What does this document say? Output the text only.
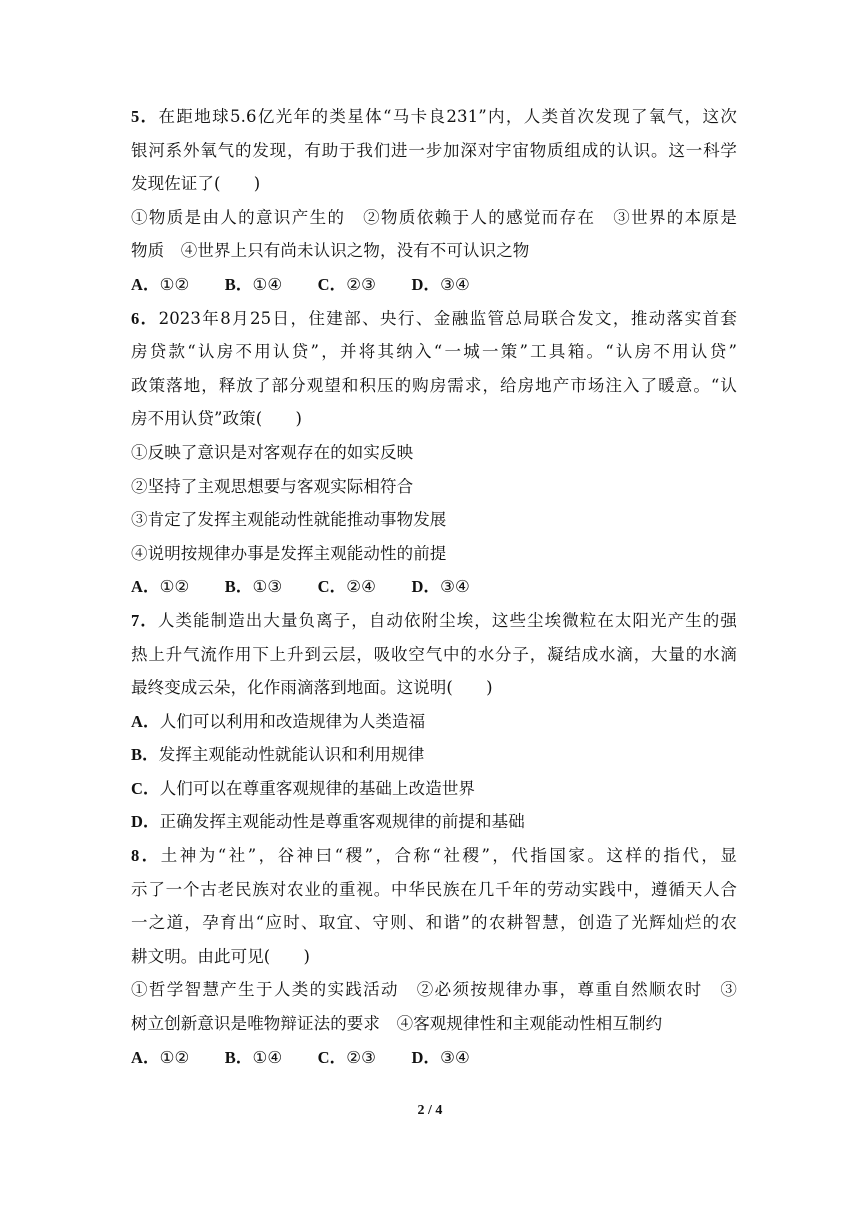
5．在距地球5.6亿光年的类星体“马卡良231”内，人类首次发现了氧气，这次
银河系外氧气的发现，有助于我们进一步加深对宇宙物质组成的认识。这一科学
发现佐证了(　　)
①物质是由人的意识产生的　②物质依赖于人的感觉而存在　③世界的本原是
物质　④世界上只有尚未认识之物，没有不可认识之物
A．①② B．①④ C．②③ D．③④
6．2023年8月25日，住建部、央行、金融监管总局联合发文，推动落实首套
房贷款“认房不用认贷”，并将其纳入“一城一策”工具箱。“认房不用认贷”
政策落地，释放了部分观望和积压的购房需求，给房地产市场注入了暖意。“认
房不用认贷”政策(　　)
①反映了意识是对客观存在的如实反映
②坚持了主观思想要与客观实际相符合
③肯定了发挥主观能动性就能推动事物发展
④说明按规律办事是发挥主观能动性的前提
A．①② B．①③ C．②④ D．③④
7．人类能制造出大量负离子，自动依附尘埃，这些尘埃微粒在太阳光产生的强
热上升气流作用下上升到云层，吸收空气中的水分子，凝结成水滴，大量的水滴
最终变成云朵，化作雨滴落到地面。这说明(　　)
A．人们可以利用和改造规律为人类造福
B．发挥主观能动性就能认识和利用规律
C．人们可以在尊重客观规律的基础上改造世界
D．正确发挥主观能动性是尊重客观规律的前提和基础
8．土神为“社”，谷神曰“稷”，合称“社稷”，代指国家。这样的指代，显
示了一个古老民族对农业的重视。中华民族在几千年的劳动实践中，遵循天人合
一之道，孕育出“应时、取宜、守则、和谐”的农耕智慧，创造了光辉灿烂的农
耕文明。由此可见(　　)
①哲学智慧产生于人类的实践活动　②必须按规律办事，尊重自然顺农时　③
树立创新意识是唯物辩证法的要求　④客观规律性和主观能动性相互制约
A．①② B．①④ C．②③ D．③④
2 / 4
